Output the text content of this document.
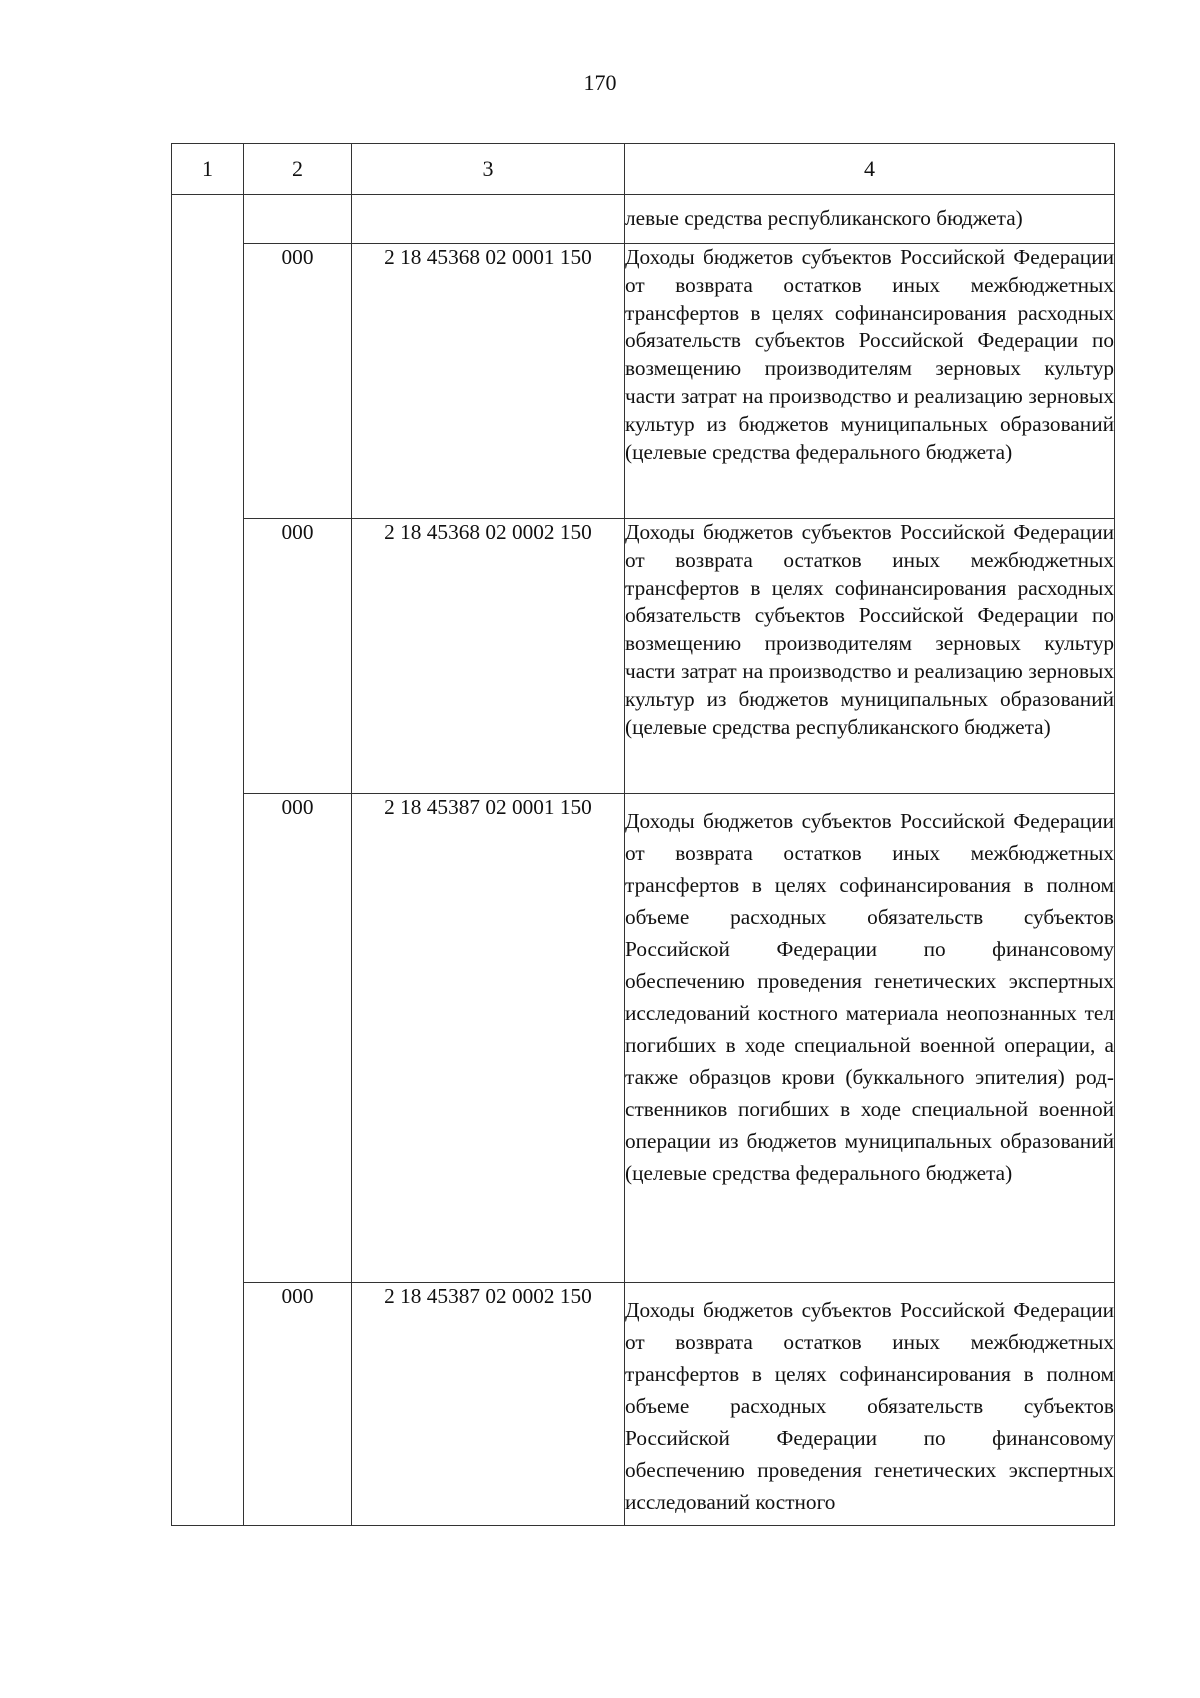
170
1	2	3	4
			левые средства республиканского бюджета)
	000	2 18 45368 02 0001 150	Доходы бюджетов субъектов Российской Федерации от возврата остатков иных межбюджетных трансфертов в целях софинансирования расходных обязательств субъектов Российской Федерации по возмещению производителям зерновых культур части затрат на производство и реализацию зерновых культур из бюджетов муниципальных образований (целевые средства федерального бюджета)
	000	2 18 45368 02 0002 150	Доходы бюджетов субъектов Российской Федерации от возврата остатков иных межбюджетных трансфертов в целях софинансирования расходных обязательств субъектов Российской Федерации по возмещению производителям зерновых культур части затрат на производство и реализацию зерновых культур из бюджетов муниципальных образований (целевые средства республиканского бюджета)
	000	2 18 45387 02 0001 150	Доходы бюджетов субъектов Российской Федерации от возврата остатков иных межбюджетных трансфертов в целях софинансирования в полном объеме расходных обязательств субъектов Российской Федерации по финансовому обеспечению проведения генетических экспертных исследований костного материала неопознанных тел погибших в ходе специальной военной операции, а также образцов крови (буккального эпителия) родственников погибших в ходе специальной военной операции из бюджетов муниципальных образований (целевые средства федерального бюджета)
	000	2 18 45387 02 0002 150	Доходы бюджетов субъектов Российской Федерации от возврата остатков иных межбюджетных трансфертов в целях софинансирования в полном объеме расходных обязательств субъектов Российской Федерации по финансовому обеспечению проведения генетических экспертных исследований костного
